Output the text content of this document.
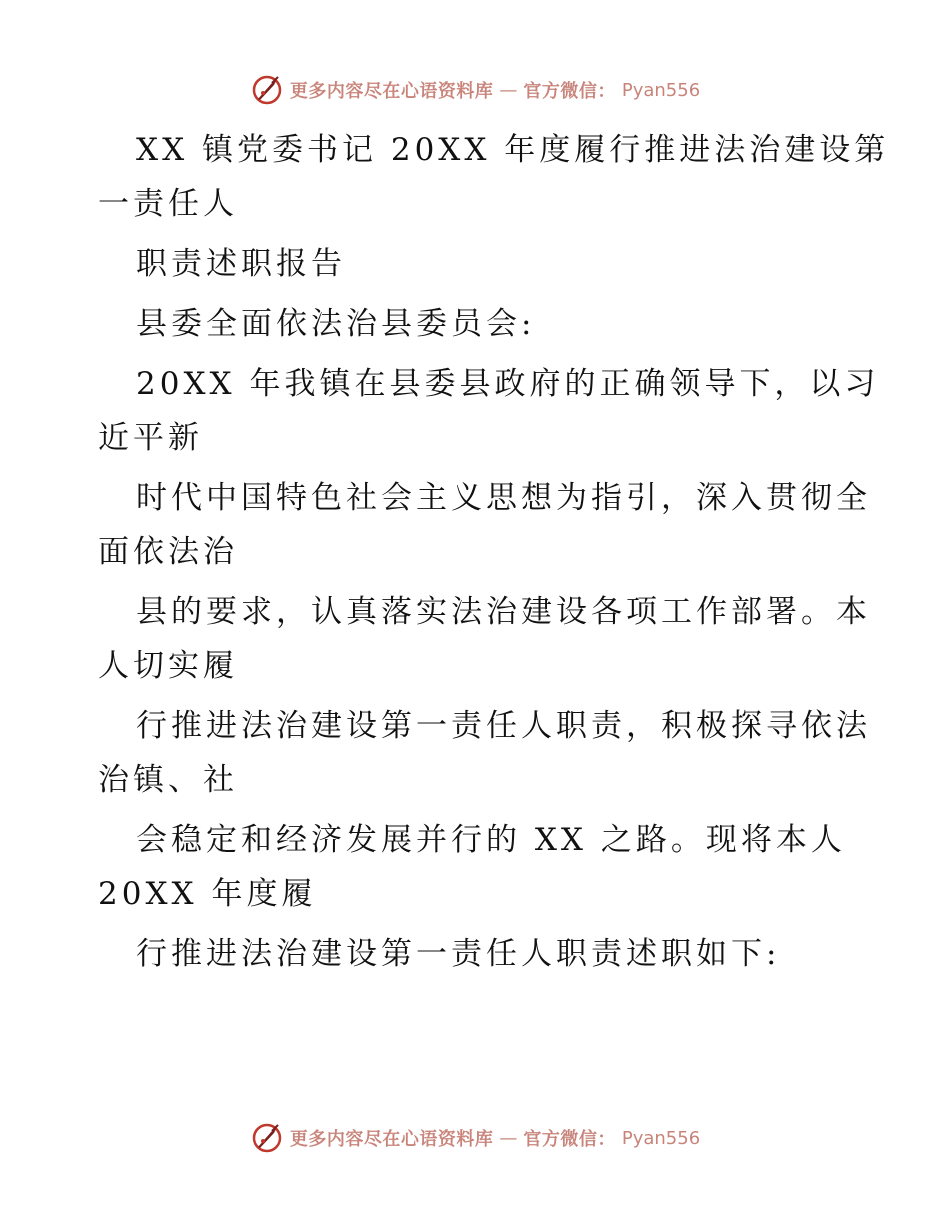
更多内容尽在心语资料库 — 官方微信： Pyan556
XX 镇党委书记 20XX 年度履行推进法治建设第
一责任人
职责述职报告
县委全面依法治县委员会:
20XX 年我镇在县委县政府的正确领导下，以习
近平新
时代中国特色社会主义思想为指引，深入贯彻全
面依法治
县的要求，认真落实法治建设各项工作部署。本
人切实履
行推进法治建设第一责任人职责，积极探寻依法
治镇、社
会稳定和经济发展并行的 XX 之路。现将本人
20XX 年度履
行推进法治建设第一责任人职责述职如下:
更多内容尽在心语资料库 — 官方微信： Pyan556
